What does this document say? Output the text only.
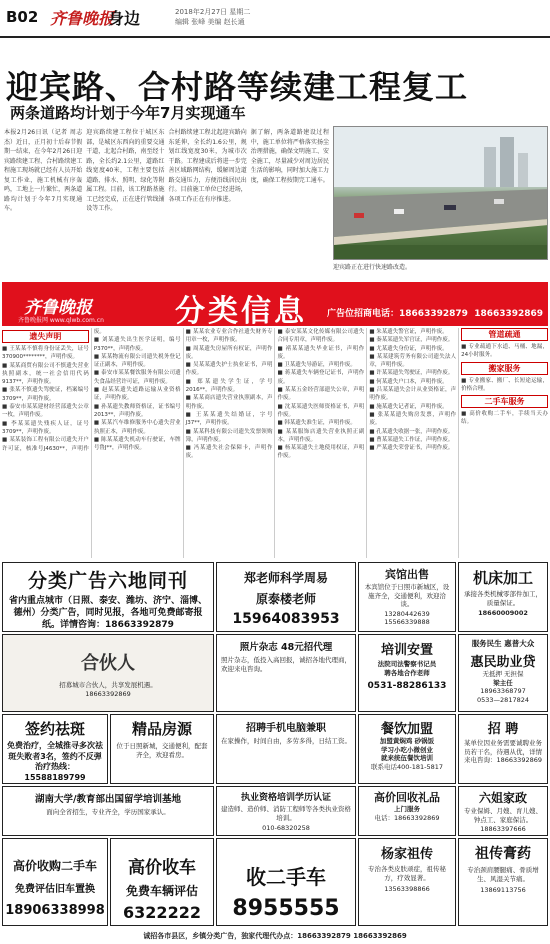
B02 齐鲁晚报
身边	2018年2月27日 星期二
编辑 张峰 美编 赵长通
迎宾路、合村路等续建工程复工
两条道路均计划于今年7月实现通车

本报2月26日讯（记者 周志杰）近日，正月初十后春节假期一结束，在今年2月26日迎宾路续建工程、合村路续建工程施工现场就已经有人员开始复工作业，施工机械有序轰鸣，工地上一片繁忙，两条道路均计划于今年7月实现通车。

迎宾路续建工程位于城区东部，是城区东西向的重要交通干道，北起合村路，南至经十路，全长约2.1公里，道路红线宽度40米，工程主要包括道路、排水、照明、绿化等附属工程。目前，该工程路基施工已经完成，正在进行管线铺设等工作。

合村路续建工程北起迎宾路向东延伸，全长约1.6公里，规划红线宽度30米，为城市次干路。工程建成后将进一步完善区域路网结构，缓解周边道路交通压力，方便沿线居民出行。目前施工单位已经进场，各项工作正在有序推进。

据了解，两条道路建设过程中，施工单位将严格落实扬尘治理措施，确保文明施工、安全施工，尽量减少对周边居民生活的影响，同时加大施工力度，确保工程按期完工通车。

迎宾路正在进行快速路改造。
齐鲁晚报
齐鲁晚报网 www.qlwb.com.cn 分类信息 广告位招商电话：18663392879 18663392869
遗失声明

■ 王某某不慎将身份证丢失，证号370900********，声明作废。

■ 某某商贸有限公司不慎遗失营业执照副本，统一社会信用代码9137**，声明作废。

■ 张某不慎遗失驾驶证，档案编号3709**，声明作废。

■ 泰安市某某建材经营部遗失公章一枚，声明作废。

■ 李某某遗失残疾人证，证号3709**，声明作废。

■ 某某装饰工程有限公司遗失开户许可证，核准号J4630**，声明作废。

■ 刘某遗失出生医学证明，编号P370**，声明作废。

■ 某某物流有限公司遗失税务登记证正副本，声明作废。

■ 泰安市某某餐饮服务有限公司遗失食品经营许可证，声明作废。

■ 赵某某遗失道路运输从业资格证，声明作废。

■ 孙某遗失教师资格证，证书编号2013**，声明作废。

■ 某某汽车维修服务中心遗失营业执照正本，声明作废。

■ 陈某某遗失机动车行驶证，车牌号鲁J**，声明作废。

■ 某某农业专业合作社遗失财务专用章一枚，声明作废。

■ 周某遗失房屋所有权证，声明作废。

■ 吴某某遗失护士执业证书，声明作废。

■ 郑某遗失学生证，学号2016**，声明作废。

■ 某某商店遗失营业执照副本，声明作废。

■ 王某某遗失结婚证，字号J37**，声明作废。

■ 某某科技有限公司遗失发票领购簿，声明作废。

■ 冯某遗失社会保障卡，声明作废。

■ 泰安某某文化传媒有限公司遗失合同专用章，声明作废。

■ 褚某某遗失毕业证书，声明作废。

■ 卫某遗失导游证，声明作废。

■ 蒋某遗失车辆登记证书，声明作废。

■ 某某五金经营部遗失公章，声明作废。

■ 沈某某遗失医师资格证书，声明作废。

■ 韩某遗失准生证，声明作废。

■ 某某服饰店遗失营业执照正副本，声明作废。

■ 杨某某遗失土地使用权证，声明作废。

■ 朱某遗失警官证，声明作废。

■ 秦某某遗失军官证，声明作废。

■ 尤某遗失身份证，声明作废。

■ 某某建筑劳务有限公司遗失法人章，声明作废。

■ 许某某遗失驾驶证，声明作废。

■ 何某遗失户口本，声明作废。

■ 吕某某遗失会计从业资格证，声明作废。

■ 施某遗失记者证，声明作废。

■ 张某某遗失购房发票，声明作废。

■ 孔某遗失收据一张，声明作废。

■ 曹某某遗失工作证，声明作废。

■ 严某遗失荣誉证书，声明作废。

管道疏通

■ 专业疏通下水道、马桶、地漏，24小时服务。

搬家服务

■ 专业搬家、搬厂、长短途运输，价格合理。

二手车服务

■ 高价收购二手车，手续当天办结。

分类广告六地同刊
省内重点城市（日照、泰安、潍坊、济宁、淄博、德州）分类广告，同时见报，各地可免费邮寄报纸。详情咨询：18663392879
郑老师科学周易
原泰楼老师
15964083953
宾馆出售
本宾馆位于日照市新城区，设施齐全，交通便利，欢迎洽谈。
13280442639
15566339888
机床加工
承接各类机械零部件加工，质量保证。
18660009002
合伙人
招募城市合伙人，共享发展机遇。
18663392869
照片杂志 48元招代理
照片杂志，低投入高回报，诚招各地代理商，欢迎来电咨询。
培训安置
法院司法警察书记员
聘各地合作老师
0531-88286133
服务民生 惠普大众
惠民助业贷
无抵押 无担保
梁主任
18963368797
0533—2817824
签约祛斑
免费治疗，全城推寻多次祛斑失败者3名，签约不反弹治疗热线：15588189799
精品房源
位于日照新城，交通便利，配套齐全，欢迎看房。
招聘手机电脑兼职
在家操作，时间自由，多劳多得，日结工资。
餐饮加盟
加盟黄焖鸡 砂锅饭
学习小吃小微创业
就来统伍餐饮培训
联系电话400-181-5817
招 聘
某单位因业务需要诚聘业务员若干名，待遇从优，详情来电咨询：18663392869
湖南大学/教育部出国留学培训基地
面向全省招生，专业齐全，学历国家承认。
执业资格培训学历认证
建造师、造价师、消防工程师等各类执业资格培训。
010-68320258
高价回收礼品
上门服务
电话：18663392869
六姐家政
专业保姆、月嫂、育儿嫂、钟点工、家庭保洁。
18863397666
高价收购二手车
免费评估旧车置换
18906338998
高价收车
免费车辆评估
6322222
收二手车
8955555
杨家祖传
专治各类皮肤顽症，祖传秘方，疗效显著。
13563398866
祖传膏药
专治颈肩腰腿痛、骨质增生、风湿关节痛。
13869113756
诚招各市县区，乡镇分类广告，独家代理代办点：18663392879 18663392869
